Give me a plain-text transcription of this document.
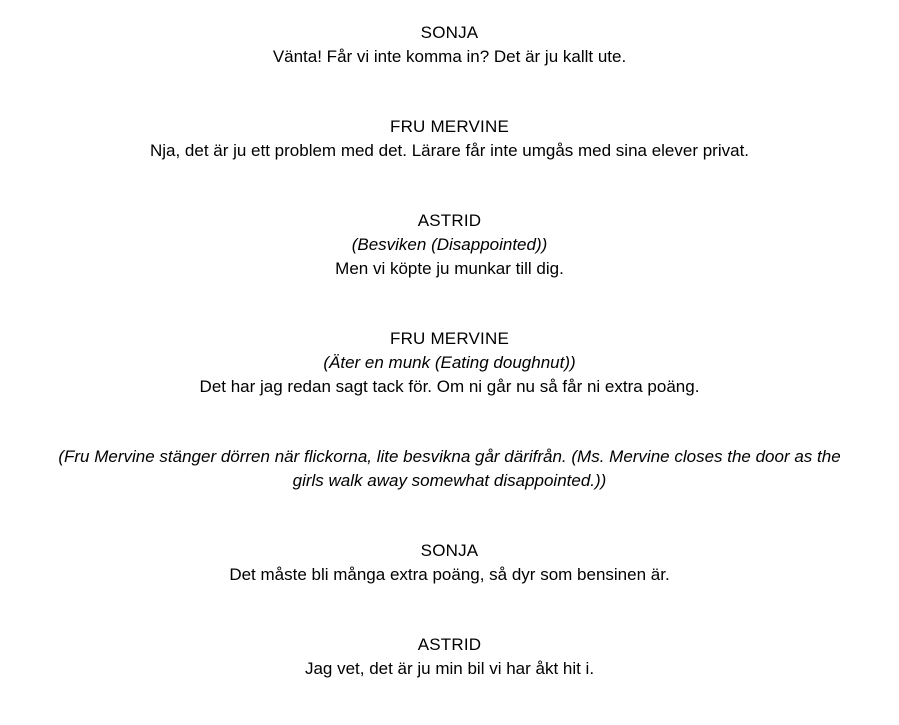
SONJA
Vänta! Får vi inte komma in? Det är ju kallt ute.
FRU MERVINE
Nja, det är ju ett problem med det. Lärare får inte umgås med sina elever privat.
ASTRID
(Besviken (Disappointed))
Men vi köpte ju munkar till dig.
FRU MERVINE
(Äter en munk (Eating doughnut))
Det har jag redan sagt tack för. Om ni går nu så får ni extra poäng.
(Fru Mervine stänger dörren när flickorna, lite besvikna går därifrån. (Ms. Mervine closes the door as the
girls walk away somewhat disappointed.))
SONJA
Det måste bli många extra poäng, så dyr som bensinen är.
ASTRID
Jag vet, det är ju min bil vi har åkt hit i.
